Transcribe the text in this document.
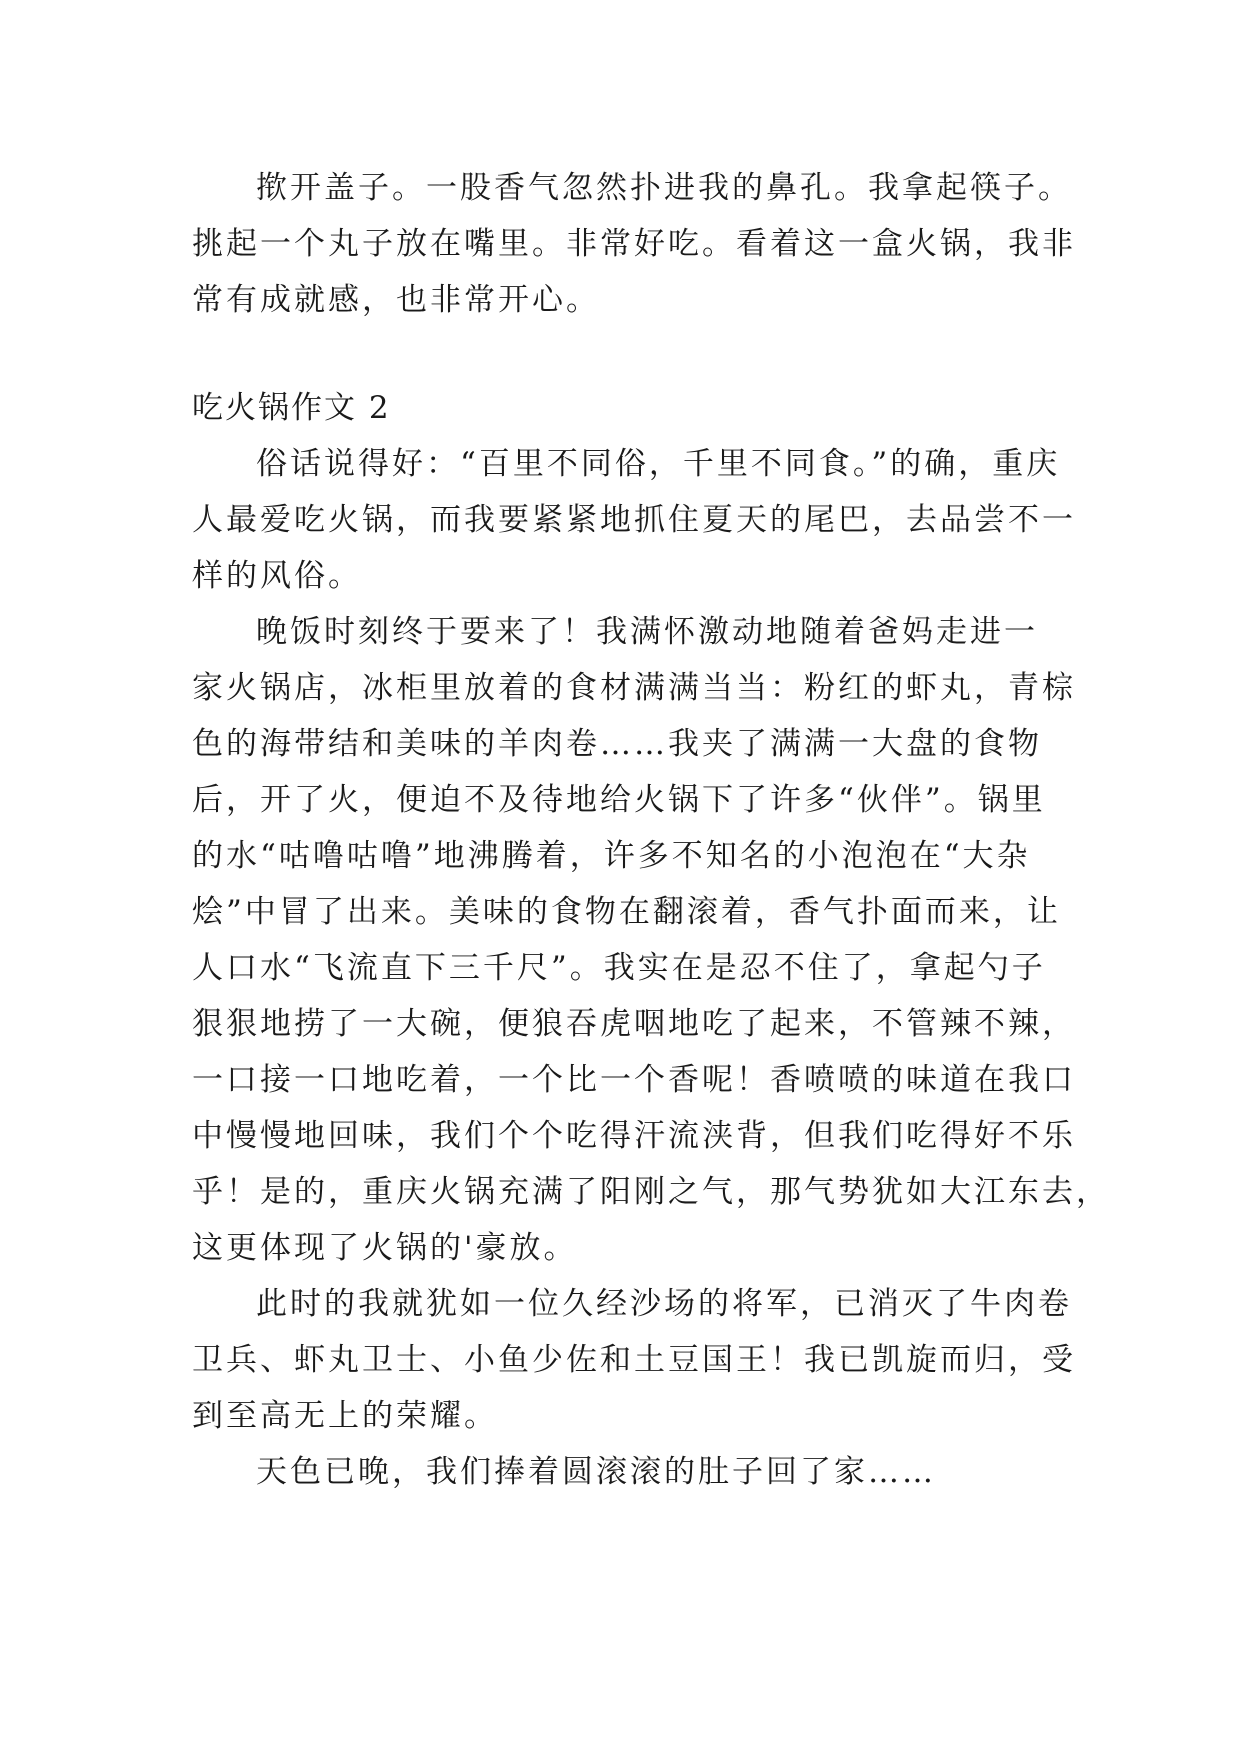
揿开盖子。一股香气忽然扑进我的鼻孔。我拿起筷子。
挑起一个丸子放在嘴里。非常好吃。看着这一盒火锅，我非
常有成就感，也非常开心。
吃火锅作文 2
俗话说得好：“百里不同俗，千里不同食。”的确，重庆
人最爱吃火锅，而我要紧紧地抓住夏天的尾巴，去品尝不一
样的风俗。
晚饭时刻终于要来了！我满怀激动地随着爸妈走进一
家火锅店，冰柜里放着的食材满满当当：粉红的虾丸，青棕
色的海带结和美味的羊肉卷……我夹了满满一大盘的食物
后，开了火，便迫不及待地给火锅下了许多“伙伴”。锅里
的水“咕噜咕噜”地沸腾着，许多不知名的小泡泡在“大杂
烩”中冒了出来。美味的食物在翻滚着，香气扑面而来，让
人口水“飞流直下三千尺”。我实在是忍不住了，拿起勺子
狠狠地捞了一大碗，便狼吞虎咽地吃了起来，不管辣不辣，
一口接一口地吃着，一个比一个香呢！香喷喷的味道在我口
中慢慢地回味，我们个个吃得汗流浃背，但我们吃得好不乐
乎！是的，重庆火锅充满了阳刚之气，那气势犹如大江东去，
这更体现了火锅的'豪放。
此时的我就犹如一位久经沙场的将军，已消灭了牛肉卷
卫兵、虾丸卫士、小鱼少佐和土豆国王！我已凯旋而归，受
到至高无上的荣耀。
天色已晚，我们捧着圆滚滚的肚子回了家……
